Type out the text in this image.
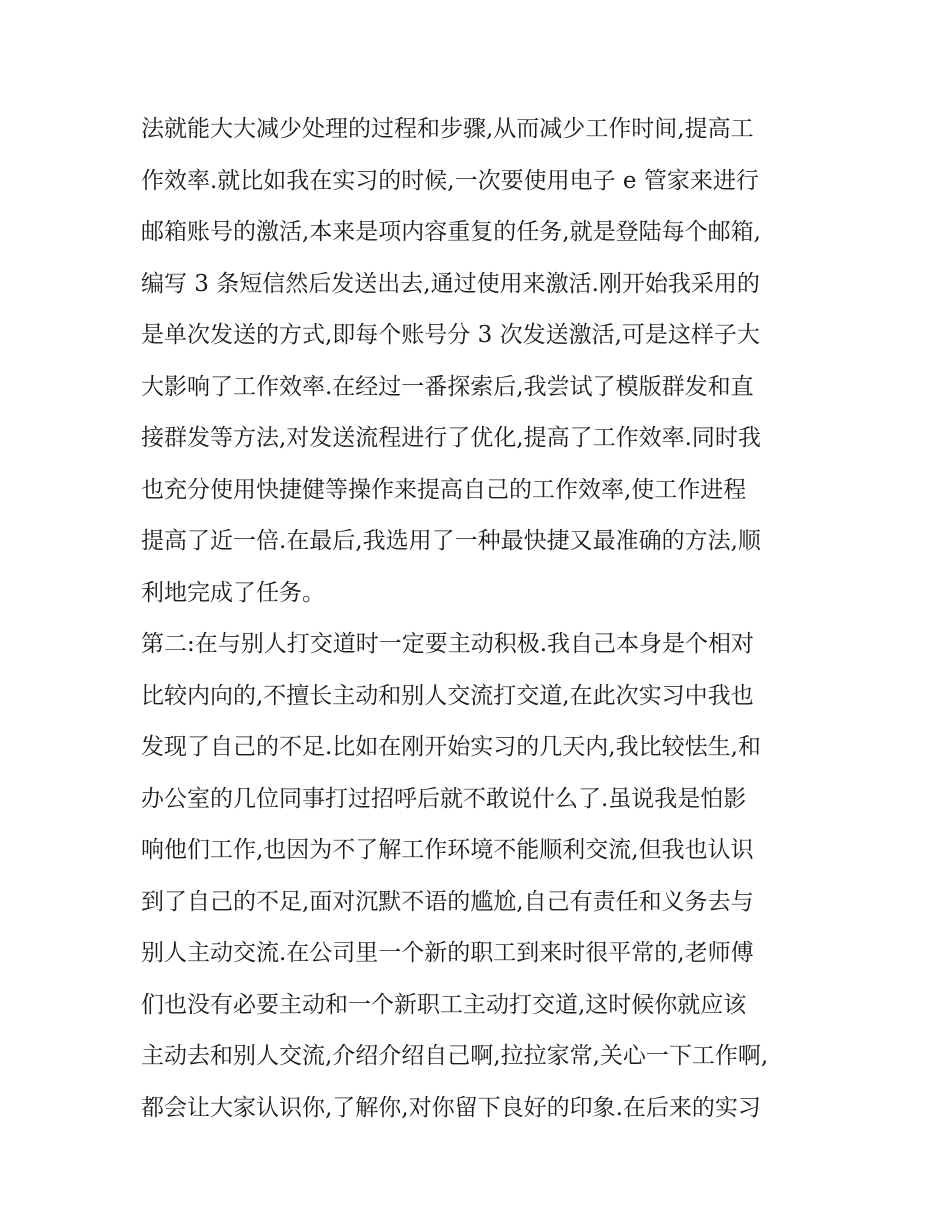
法就能大大减少处理的过程和步骤,从而减少工作时间,提高工
作效率.就比如我在实习的时候,一次要使用电子 e 管家来进行
邮箱账号的激活,本来是项内容重复的任务,就是登陆每个邮箱,
编写 3 条短信然后发送出去,通过使用来激活.刚开始我采用的
是单次发送的方式,即每个账号分 3 次发送激活,可是这样子大
大影响了工作效率.在经过一番探索后,我尝试了模版群发和直
接群发等方法,对发送流程进行了优化,提高了工作效率.同时我
也充分使用快捷健等操作来提高自己的工作效率,使工作进程
提高了近一倍.在最后,我选用了一种最快捷又最准确的方法,顺
利地完成了任务。
第二:在与别人打交道时一定要主动积极.我自己本身是个相对
比较内向的,不擅长主动和别人交流打交道,在此次实习中我也
发现了自己的不足.比如在刚开始实习的几天内,我比较怯生,和
办公室的几位同事打过招呼后就不敢说什么了.虽说我是怕影
响他们工作,也因为不了解工作环境不能顺利交流,但我也认识
到了自己的不足,面对沉默不语的尴尬,自己有责任和义务去与
别人主动交流.在公司里一个新的职工到来时很平常的,老师傅
们也没有必要主动和一个新职工主动打交道,这时候你就应该
主动去和别人交流,介绍介绍自己啊,拉拉家常,关心一下工作啊,
都会让大家认识你,了解你,对你留下良好的印象.在后来的实习
